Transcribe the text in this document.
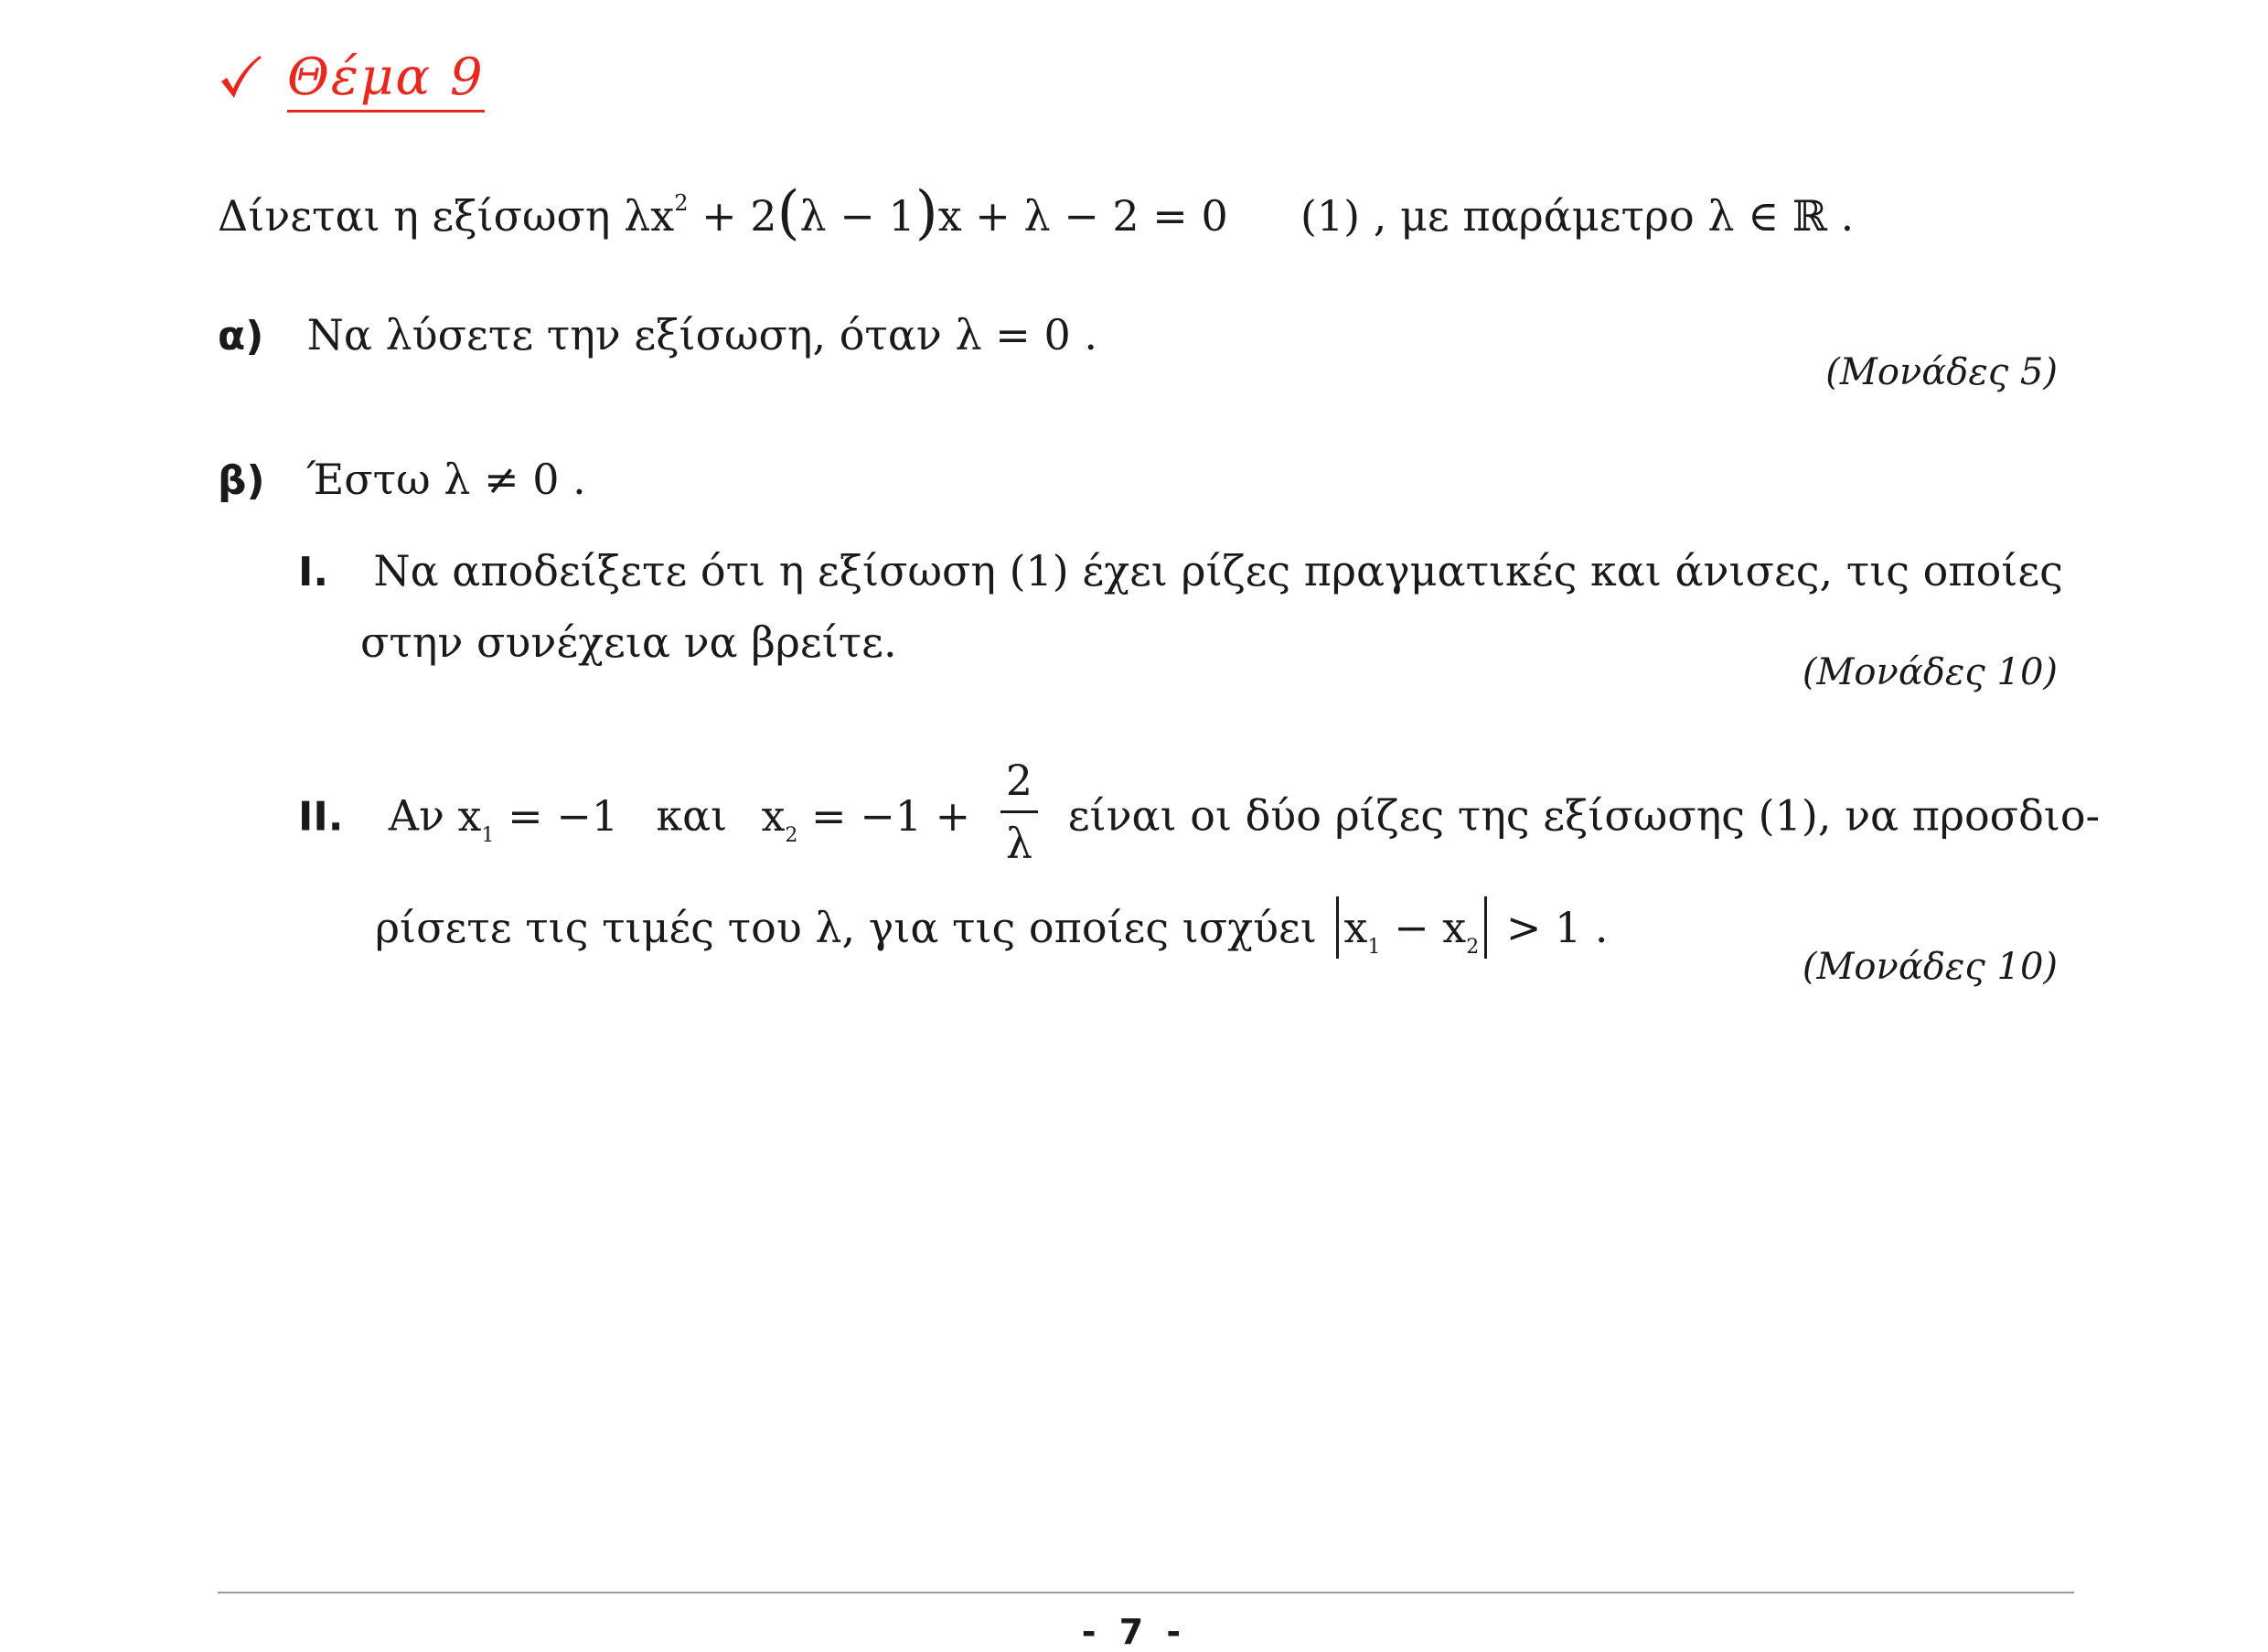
Θέμα 9
Δίνεται η εξίσωση $\lambda x^2 + 2(\lambda - 1)x + \lambda - 2 = 0$ (1) , με παράμετρο λ ∈ ℝ .
α) Να λύσετε την εξίσωση, όταν λ = 0 .
(Μονάδες 5)
β) Έστω λ ≠ 0 .
I. Να αποδείξετε ότι η εξίσωση (1) έχει ρίζες πραγματικές και άνισες, τις οποίες
στην συνέχεια να βρείτε.
(Μονάδες 10)
II. Αν $x_1 = -1$ και $x_2 = -1 + \frac{2}{\lambda}$ είναι οι δύο ρίζες της εξίσωσης (1), να προσδιο-
ρίσετε τις τιμές του λ, για τις οποίες ισχύει $x_1 - x_2 > 1$ .
(Μονάδες 10)
- 7 -
